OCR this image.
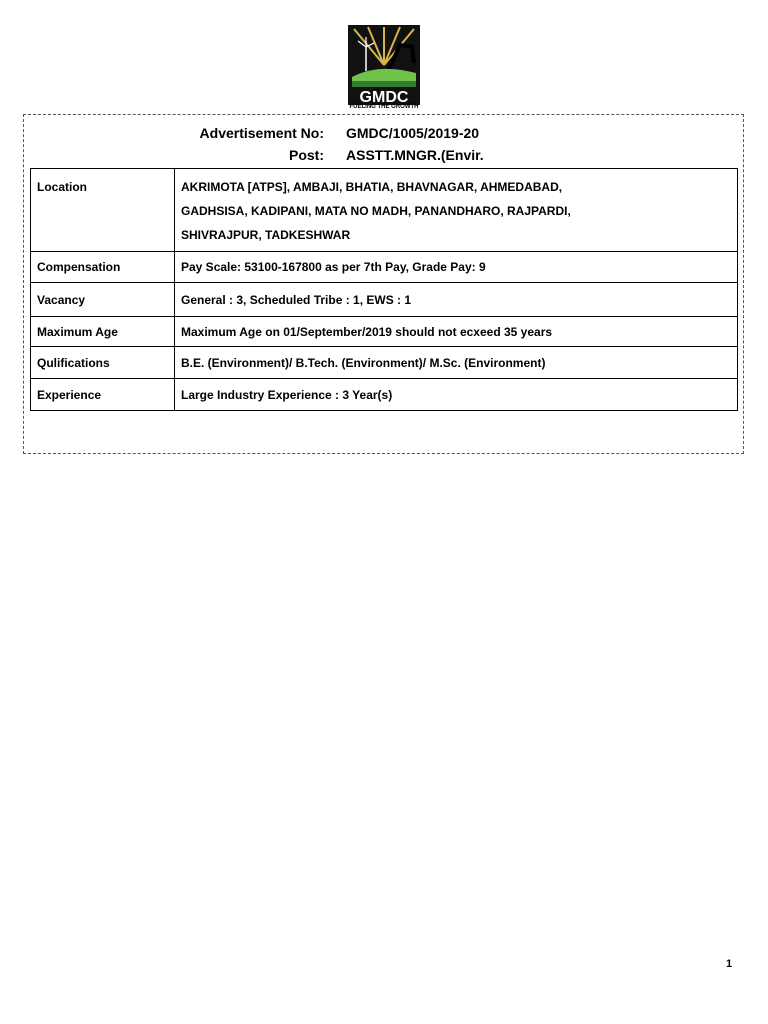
GMDC
FUELING THE GROWTH
Advertisement No: GMDC/1005/2019-20
Post: ASSTT.MNGR.(Envir.
Location	AKRIMOTA [ATPS], AMBAJI, BHATIA, BHAVNAGAR, AHMEDABAD,
GADHSISA, KADIPANI, MATA NO MADH, PANANDHARO, RAJPARDI,
SHIVRAJPUR, TADKESHWAR

Compensation	Pay Scale: 53100-167800 as per 7th Pay, Grade Pay: 9
Vacancy	General : 3, Scheduled Tribe : 1, EWS : 1
Maximum Age	Maximum Age on 01/September/2019 should not ecxeed 35 years
Qulifications	B.E. (Environment)/ B.Tech. (Environment)/ M.Sc. (Environment)
Experience	Large Industry Experience : 3 Year(s)
1
